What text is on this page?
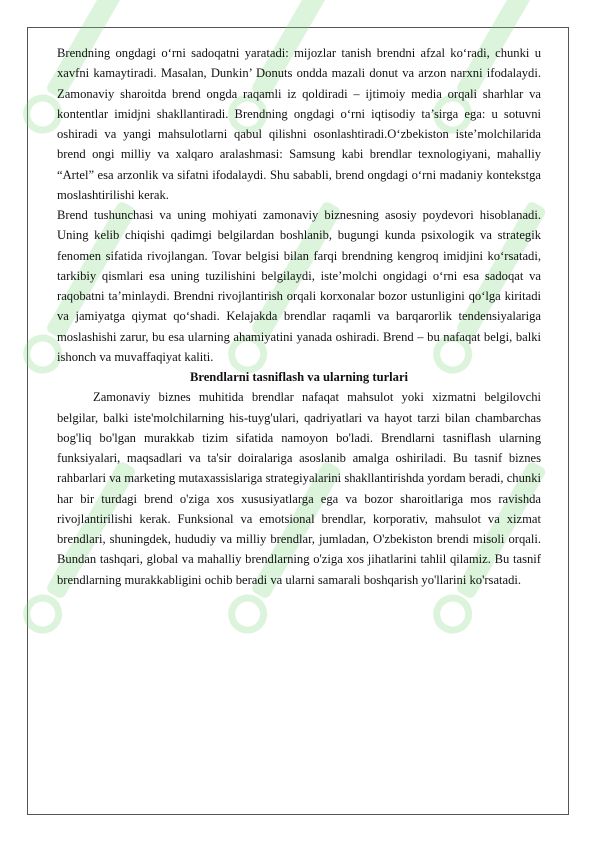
Brendning ongdagi o‘rni sadoqatni yaratadi: mijozlar tanish brendni afzal ko‘radi, chunki u xavfni kamaytiradi. Masalan, Dunkin’ Donuts ondda mazali donut va arzon narxni ifodalaydi. Zamonaviy sharoitda brend ongda raqamli iz qoldiradi – ijtimoiy media orqali sharhlar va kontentlar imidjni shakllantiradi. Brendning ongdagi o‘rni iqtisodiy ta’sirga ega: u sotuvni oshiradi va yangi mahsulotlarni qabul qilishni osonlashtiradi.O‘zbekiston iste’molchilarida brend ongi milliy va xalqaro aralashmasi: Samsung kabi brendlar texnologiyani, mahalliy “Artel” esa arzonlik va sifatni ifodalaydi. Shu sababli, brend ongdagi o‘rni madaniy kontekstga moslashtirilishi kerak.

Brend tushunchasi va uning mohiyati zamonaviy biznesning asosiy poydevori hisoblanadi. Uning kelib chiqishi qadimgi belgilardan boshlanib, bugungi kunda psixologik va strategik fenomen sifatida rivojlangan. Tovar belgisi bilan farqi brendning kengroq imidjini ko‘rsatadi, tarkibiy qismlari esa uning tuzilishini belgilaydi, iste’molchi ongidagi o‘rni esa sadoqat va raqobatni ta’minlaydi. Brendni rivojlantirish orqali korxonalar bozor ustunligini qo‘lga kiritadi va jamiyatga qiymat qo‘shadi. Kelajakda brendlar raqamli va barqarorlik tendensiyalariga moslashishi zarur, bu esa ularning ahamiyatini yanada oshiradi. Brend – bu nafaqat belgi, balki ishonch va muvaffaqiyat kaliti.

Brendlarni tasniflash va ularning turlari

Zamonaviy biznes muhitida brendlar nafaqat mahsulot yoki xizmatni belgilovchi belgilar, balki iste'molchilarning his-tuyg'ulari, qadriyatlari va hayot tarzi bilan chambarchas bog'liq bo'lgan murakkab tizim sifatida namoyon bo'ladi. Brendlarni tasniflash ularning funksiyalari, maqsadlari va ta'sir doiralariga asoslanib amalga oshiriladi. Bu tasnif biznes rahbarlari va marketing mutaxassislariga strategiyalarini shakllantirishda yordam beradi, chunki har bir turdagi brend o'ziga xos xususiyatlarga ega va bozor sharoitlariga mos ravishda rivojlantirilishi kerak. Funksional va emotsional brendlar, korporativ, mahsulot va xizmat brendlari, shuningdek, hududiy va milliy brendlar, jumladan, O'zbekiston brendi misoli orqali. Bundan tashqari, global va mahalliy brendlarning o'ziga xos jihatlarini tahlil qilamiz. Bu tasnif brendlarning murakkabligini ochib beradi va ularni samarali boshqarish yo'llarini ko'rsatadi.
